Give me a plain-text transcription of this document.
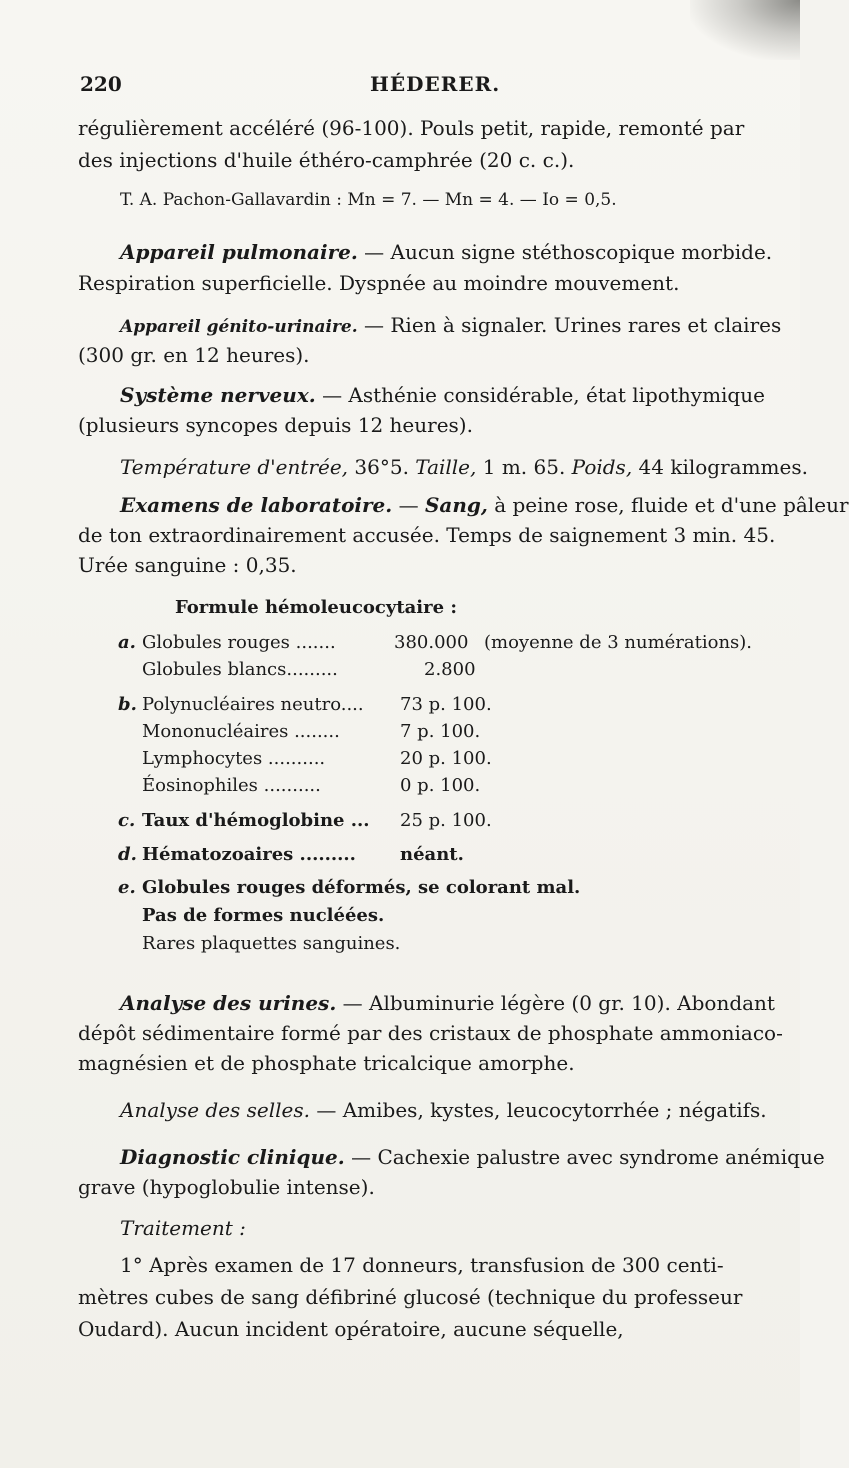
220	HÉDERER.
régulièrement accéléré (96-100). Pouls petit, rapide, remonté par
des injections d'huile éthéro-camphrée (20 c. c.).
T. A. Pachon-Gallavardin : Mn = 7. — Mn = 4. — Io = 0,5.
Appareil pulmonaire. — Aucun signe stéthoscopique morbide.
Respiration superficielle. Dyspnée au moindre mouvement.
Appareil génito-urinaire. — Rien à signaler. Urines rares et claires
(300 gr. en 12 heures).
Système nerveux. — Asthénie considérable, état lipothymique
(plusieurs syncopes depuis 12 heures).
Température d'entrée, 36°5. Taille, 1 m. 65. Poids, 44 kilogrammes.
Examens de laboratoire. — Sang, à peine rose, fluide et d'une pâleur
de ton extraordinairement accusée. Temps de saignement 3 min. 45.
Urée sanguine : 0,35.
Formule hémoleucocytaire :
a. Globules rouges .......	380.000 (moyenne de 3 numérations).
Globules blancs.........	2.800
b. Polynucléaires neutro.... 73 p. 100.
Mononucléaires ........	7 p. 100.
Lymphocytes ..........	20 p. 100.
Éosinophiles ..........	0 p. 100.
c. Taux d'hémoglobine ... 25 p. 100.
d. Hématozoaires ......... néant.
e. Globules rouges déformés, se colorant mal.
Pas de formes nucléées.
Rares plaquettes sanguines.
Analyse des urines. — Albuminurie légère (0 gr. 10). Abondant
dépôt sédimentaire formé par des cristaux de phosphate ammoniaco-
magnésien et de phosphate tricalcique amorphe.
Analyse des selles. — Amibes, kystes, leucocytorrhée ; négatifs.
Diagnostic clinique. — Cachexie palustre avec syndrome anémique
grave (hypoglobulie intense).
Traitement :
1° Après examen de 17 donneurs, transfusion de 300 centi-
mètres cubes de sang défibriné glucosé (technique du professeur
Oudard). Aucun incident opératoire, aucune séquelle,
